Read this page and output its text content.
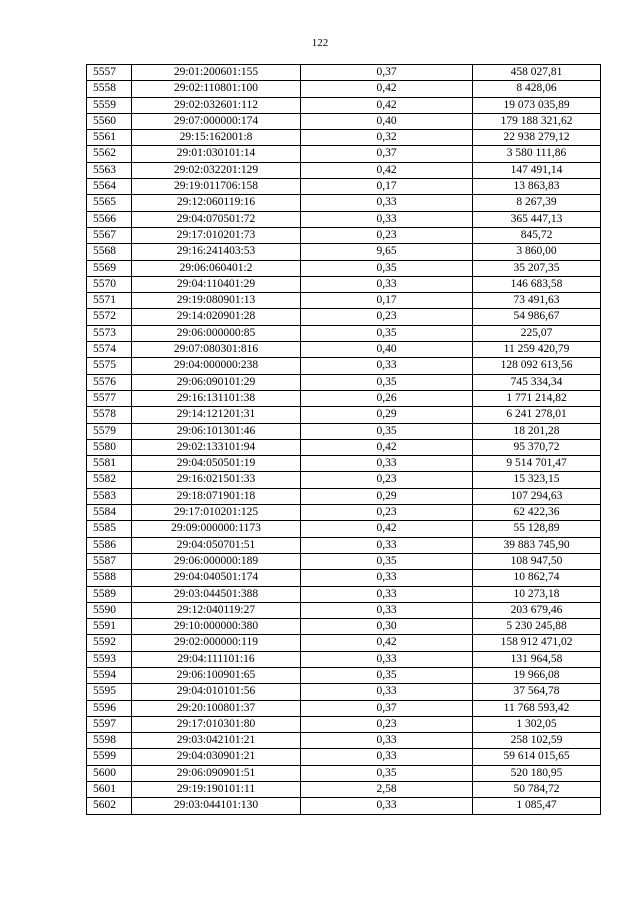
122
5557	29:01:200601:155	0,37	458 027,81
5558	29:02:110801:100	0,42	8 428,06
5559	29:02:032601:112	0,42	19 073 035,89
5560	29:07:000000:174	0,40	179 188 321,62
5561	29:15:162001:8	0,32	22 938 279,12
5562	29:01:030101:14	0,37	3 580 111,86
5563	29:02:032201:129	0,42	147 491,14
5564	29:19:011706:158	0,17	13 863,83
5565	29:12:060119:16	0,33	8 267,39
5566	29:04:070501:72	0,33	365 447,13
5567	29:17:010201:73	0,23	845,72
5568	29:16:241403:53	9,65	3 860,00
5569	29:06:060401:2	0,35	35 207,35
5570	29:04:110401:29	0,33	146 683,58
5571	29:19:080901:13	0,17	73 491,63
5572	29:14:020901:28	0,23	54 986,67
5573	29:06:000000:85	0,35	225,07
5574	29:07:080301:816	0,40	11 259 420,79
5575	29:04:000000:238	0,33	128 092 613,56
5576	29:06:090101:29	0,35	745 334,34
5577	29:16:131101:38	0,26	1 771 214,82
5578	29:14:121201:31	0,29	6 241 278,01
5579	29:06:101301:46	0,35	18 201,28
5580	29:02:133101:94	0,42	95 370,72
5581	29:04:050501:19	0,33	9 514 701,47
5582	29:16:021501:33	0,23	15 323,15
5583	29:18:071901:18	0,29	107 294,63
5584	29:17:010201:125	0,23	62 422,36
5585	29:09:000000:1173	0,42	55 128,89
5586	29:04:050701:51	0,33	39 883 745,90
5587	29:06:000000:189	0,35	108 947,50
5588	29:04:040501:174	0,33	10 862,74
5589	29:03:044501:388	0,33	10 273,18
5590	29:12:040119:27	0,33	203 679,46
5591	29:10:000000:380	0,30	5 230 245,88
5592	29:02:000000:119	0,42	158 912 471,02
5593	29:04:111101:16	0,33	131 964,58
5594	29:06:100901:65	0,35	19 966,08
5595	29:04:010101:56	0,33	37 564,78
5596	29:20:100801:37	0,37	11 768 593,42
5597	29:17:010301:80	0,23	1 302,05
5598	29:03:042101:21	0,33	258 102,59
5599	29:04:030901:21	0,33	59 614 015,65
5600	29:06:090901:51	0,35	520 180,95
5601	29:19:190101:11	2,58	50 784,72
5602	29:03:044101:130	0,33	1 085,47
